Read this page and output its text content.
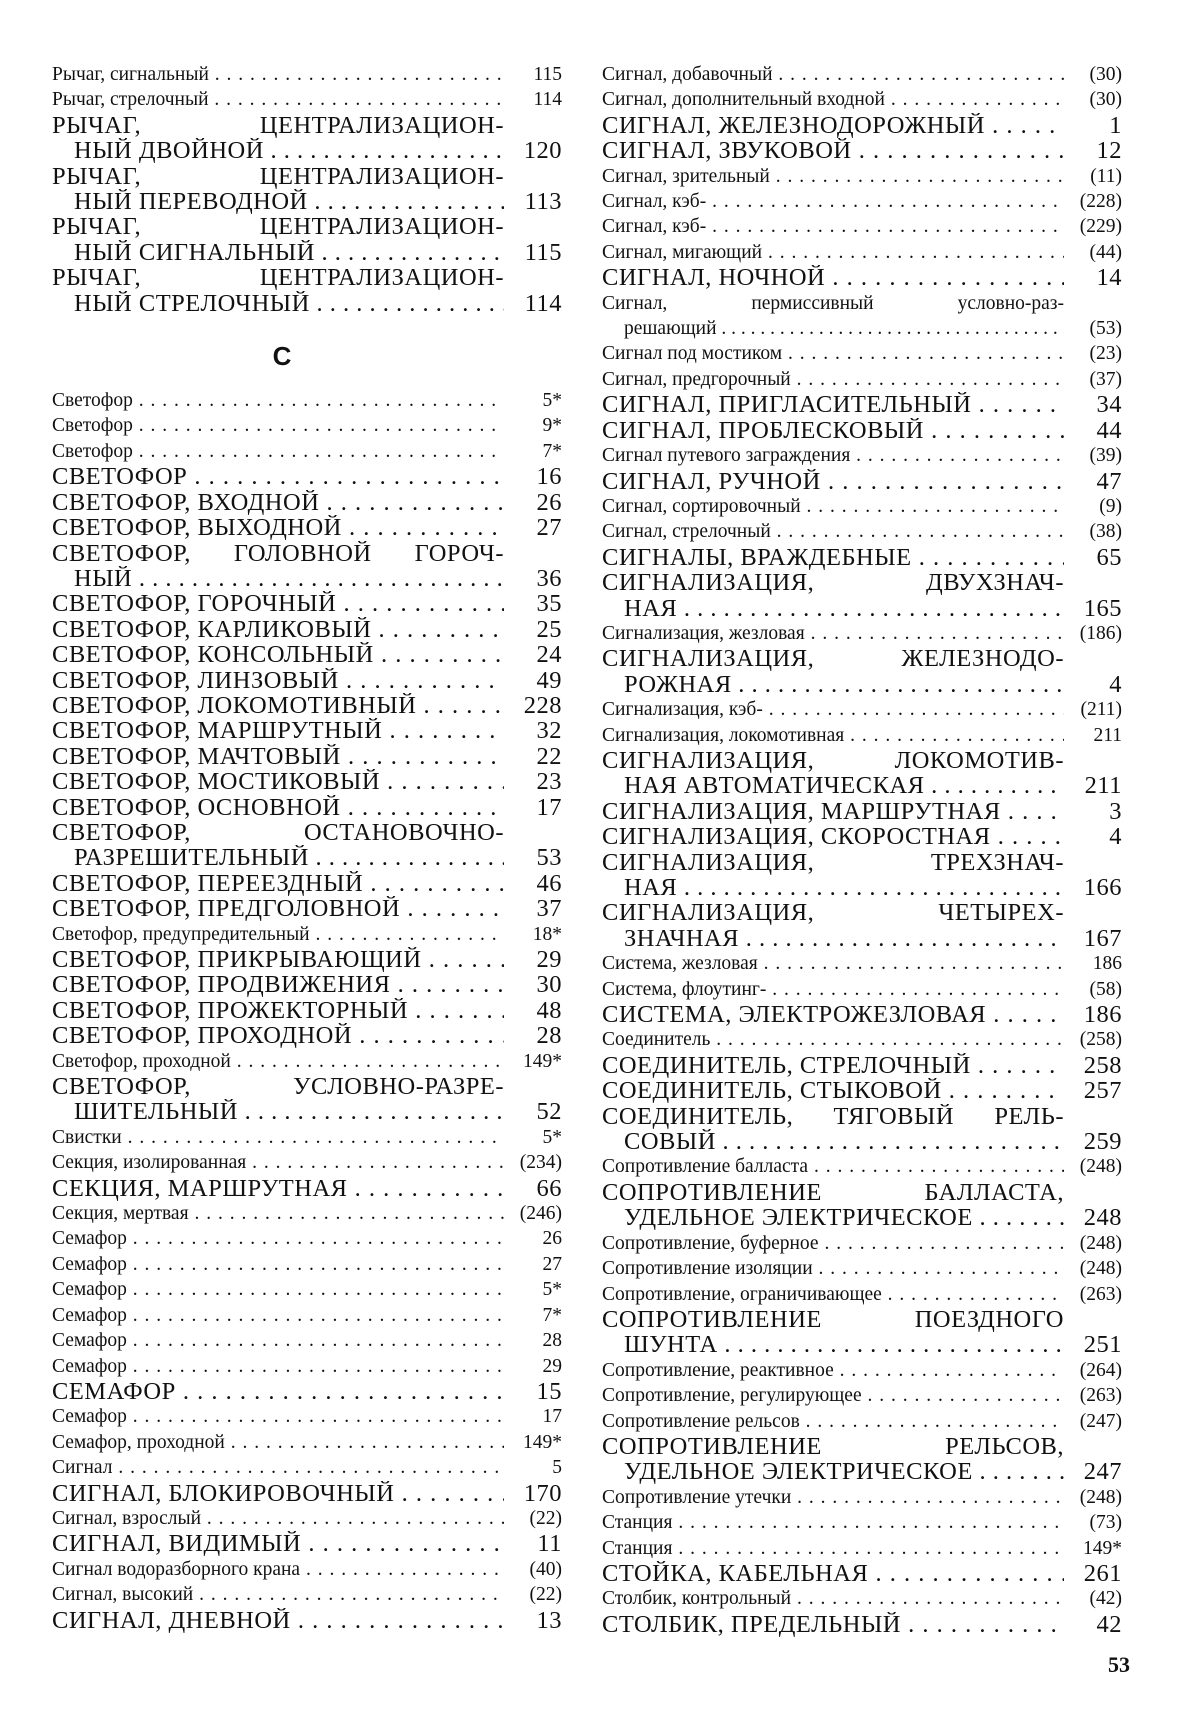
Рычаг, сигнальный . . .	115
Рычаг, стрелочный . . .	114
РЫЧАГ, ЦЕНТРАЛИЗАЦИОН-
НЫЙ ДВОЙНОЙ . . . . . . . . . . . . . . . . . . 120
РЫЧАГ, ЦЕНТРАЛИЗАЦИОН-
НЫЙ ПЕРЕВОДНОЙ . . . . . . . . . . . . . .	113
РЫЧАГ, ЦЕНТРАЛИЗАЦИОН-
НЫЙ СИГНАЛЬНЫЙ . . . . . . . . . . . . . . 115
РЫЧАГ, ЦЕНТРАЛИЗАЦИОН-
НЫЙ СТРЕЛОЧНЫЙ . . . . . . . . . . . . . .	114
С
Светофор . . .	5*
Светофор . . .	9*
Светофор . . .	7*
СВЕТОФОР . . .	16
СВЕТОФОР, ВХОДНОЙ . . .	26
СВЕТОФОР, ВЫХОДНОЙ . . .	27
СВЕТОФОР, ГОЛОВНОЙ ГОРОЧ-
НЫЙ . . . . . . . . . . . . . . . . . . . . . . . . . . . .	36
СВЕТОФОР, ГОРОЧНЫЙ . . .	35
СВЕТОФОР, КАРЛИКОВЫЙ . . .	25
СВЕТОФОР, КОНСОЛЬНЫЙ . . .	24
СВЕТОФОР, ЛИНЗОВЫЙ . . .	49
СВЕТОФОР, ЛОКОМОТИВНЫЙ . . .	228
СВЕТОФОР, МАРШРУТНЫЙ . . .	32
СВЕТОФОР, МАЧТОВЫЙ . . .	22
СВЕТОФОР, МОСТИКОВЫЙ . . .	23
СВЕТОФОР, ОСНОВНОЙ . . .	17
СВЕТОФОР, ОСТАНОВОЧНО-
РАЗРЕШИТЕЛЬНЫЙ . . . . . . . . . . . . . .	53
СВЕТОФОР, ПЕРЕЕЗДНЫЙ . . .	46
СВЕТОФОР, ПРЕДГОЛОВНОЙ . . .	37
Светофор, предупредительный . . .	18*
СВЕТОФОР, ПРИКРЫВАЮЩИЙ . . .	29
СВЕТОФОР, ПРОДВИЖЕНИЯ . . .	30
СВЕТОФОР, ПРОЖЕКТОРНЫЙ . . .	48
СВЕТОФОР, ПРОХОДНОЙ . . .	28
Светофор, проходной . . .	149*
СВЕТОФОР, УСЛОВНО-РАЗРЕ-
ШИТЕЛЬНЫЙ . . . . . . . . . . . . . . . . . . . .	52
Свистки . . .	5*
Секция, изолированная . . .	(234)
СЕКЦИЯ, МАРШРУТНАЯ . . .	66
Секция, мертвая . . .	(246)
Семафор . . .	26
Семафор . . .	27
Семафор . . .	5*
Семафор . . .	7*
Семафор . . .	28
Семафор . . .	29
СЕМАФОР . . .	15
Семафор . . .	17
Семафор, проходной . . .	149*
Сигнал . . .	5
СИГНАЛ, БЛОКИРОВОЧНЫЙ . . .	170
Сигнал, взрослый . . .	(22)
СИГНАЛ, ВИДИМЫЙ . . .	11
Сигнал водоразборного крана . . .	(40)
Сигнал, высокий . . .	(22)
СИГНАЛ, ДНЕВНОЙ . . .	13
Сигнал, добавочный . . .	(30)
Сигнал, дополнительный входной . . .	(30)
СИГНАЛ, ЖЕЛЕЗНОДОРОЖНЫЙ . . .	1
СИГНАЛ, ЗВУКОВОЙ . . .	12
Сигнал, зрительный . . .	(11)
Сигнал, кэб- . . .	(228)
Сигнал, кэб- . . .	(229)
Сигнал, мигающий . . .	(44)
СИГНАЛ, НОЧНОЙ . . .	14
Сигнал, пермиссивный условно-раз-
решающий . . . . . . . . . . . . . . . . . . . . . . . . . . . . . . . . . . . . . . (53)
Сигнал под мостиком . . .	(23)
Сигнал, предгорочный . . .	(37)
СИГНАЛ, ПРИГЛАСИТЕЛЬНЫЙ . . .	34
СИГНАЛ, ПРОБЛЕСКОВЫЙ . . .	44
Сигнал путевого заграждения . . .	(39)
СИГНАЛ, РУЧНОЙ . . .	47
Сигнал, сортировочный . . .	(9)
Сигнал, стрелочный . . .	(38)
СИГНАЛЫ, ВРАЖДЕБНЫЕ . . .	65
СИГНАЛИЗАЦИЯ, ДВУХЗНАЧ-
НАЯ . . . . . . . . . . . . . . . . . . . . . . . . . . . . . 165
Сигнализация, жезловая . . .	(186)
СИГНАЛИЗАЦИЯ, ЖЕЛЕЗНОДО-
РОЖНАЯ . . . . . . . . . . . . . . . . . . . . . . . . .	4
Сигнализация, кэб- . . .	(211)
Сигнализация, локомотивная . . .	211
СИГНАЛИЗАЦИЯ, ЛОКОМОТИВ-
НАЯ АВТОМАТИЧЕСКАЯ . . . . . . . . . .	211
СИГНАЛИЗАЦИЯ, МАРШРУТНАЯ . . .	3
СИГНАЛИЗАЦИЯ, СКОРОСТНАЯ . . .	4
СИГНАЛИЗАЦИЯ, ТРЕХЗНАЧ-
НАЯ . . . . . . . . . . . . . . . . . . . . . . . . . . . . . 166
СИГНАЛИЗАЦИЯ, ЧЕТЫРЕХ-
ЗНАЧНАЯ . . . . . . . . . . . . . . . . . . . . . . . .	167
Система, жезловая . . .	186
Система, флоутинг- . . .	(58)
СИСТЕМА, ЭЛЕКТРОЖЕЗЛОВАЯ . . .	186
Соединитель . . .	(258)
СОЕДИНИТЕЛЬ, СТРЕЛОЧНЫЙ . . .	258
СОЕДИНИТЕЛЬ, СТЫКОВОЙ . . .	257
СОЕДИНИТЕЛЬ, ТЯГОВЫЙ РЕЛЬ-
СОВЫЙ . . . . . . . . . . . . . . . . . . . . . . . . . . 259
Сопротивление балласта . . .	(248)
СОПРОТИВЛЕНИЕ БАЛЛАСТА,
УДЕЛЬНОЕ ЭЛЕКТРИЧЕСКОЕ . . . . . .	248
Сопротивление, буферное . . .	(248)
Сопротивление изоляции . . .	(248)
Сопротивление, ограничивающее . . .	(263)
СОПРОТИВЛЕНИЕ ПОЕЗДНОГО
ШУНТА . . . . . . . . . . . . . . . . . . . . . . . . . . 251
Сопротивление, реактивное . . .	(264)
Сопротивление, регулирующее . . .	(263)
Сопротивление рельсов . . .	(247)
СОПРОТИВЛЕНИЕ РЕЛЬСОВ,
УДЕЛЬНОЕ ЭЛЕКТРИЧЕСКОЕ . . . . . .	247
Сопротивление утечки . . .	(248)
Станция . . .	(73)
Станция . . .	149*
СТОЙКА, КАБЕЛЬНАЯ . . .	261
Столбик, контрольный . . .	(42)
СТОЛБИК, ПРЕДЕЛЬНЫЙ . . .	42
53
